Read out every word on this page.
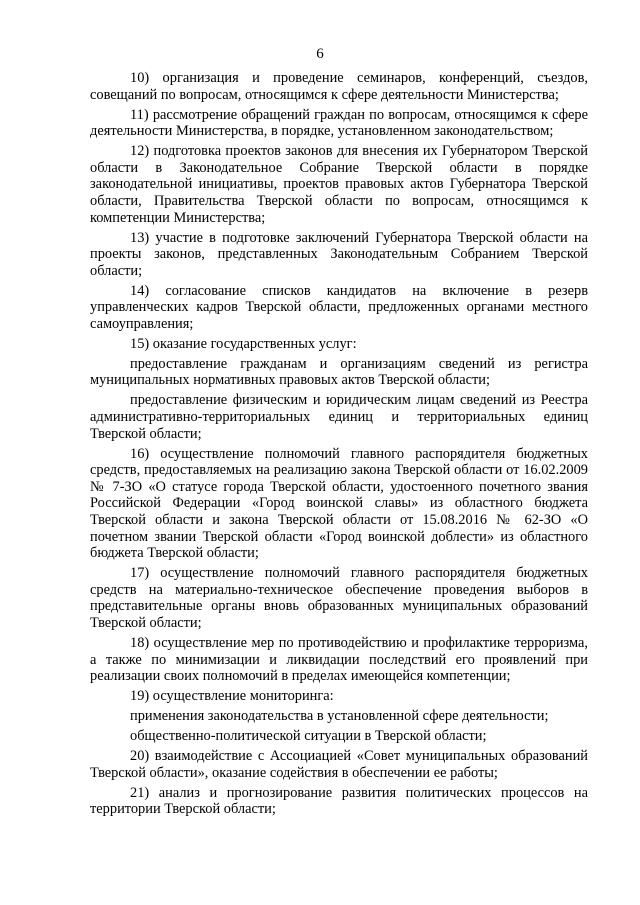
6

10) организация и проведение семинаров, конференций, съездов, совещаний по вопросам, относящимся к сфере деятельности Министерства;

11) рассмотрение обращений граждан по вопросам, относящимся к сфере деятельности Министерства, в порядке, установленном законодательством;

12) подготовка проектов законов для внесения их Губернатором Тверской области в Законодательное Собрание Тверской области в порядке законодательной инициативы, проектов правовых актов Губернатора Тверской области, Правительства Тверской области по вопросам, относящимся к компетенции Министерства;

13) участие в подготовке заключений Губернатора Тверской области на проекты законов, представленных Законодательным Собранием Тверской области;

14) согласование списков кандидатов на включение в резерв управленческих кадров Тверской области, предложенных органами местного самоуправления;

15) оказание государственных услуг:

предоставление гражданам и организациям сведений из регистра муниципальных нормативных правовых актов Тверской области;

предоставление физическим и юридическим лицам сведений из Реестра административно-территориальных единиц и территориальных единиц Тверской области;

16) осуществление полномочий главного распорядителя бюджетных средств, предоставляемых на реализацию закона Тверской области от 16.02.2009 № 7-ЗО «О статусе города Тверской области, удостоенного почетного звания Российской Федерации «Город воинской славы» из областного бюджета Тверской области и закона Тверской области от 15.08.2016 № 62-ЗО «О почетном звании Тверской области «Город воинской доблести» из областного бюджета Тверской области;

17) осуществление полномочий главного распорядителя бюджетных средств на материально-техническое обеспечение проведения выборов в представительные органы вновь образованных муниципальных образований Тверской области;

18) осуществление мер по противодействию и профилактике терроризма, а также по минимизации и ликвидации последствий его проявлений при реализации своих полномочий в пределах имеющейся компетенции;

19) осуществление мониторинга:

применения законодательства в установленной сфере деятельности;

общественно-политической ситуации в Тверской области;

20) взаимодействие с Ассоциацией «Совет муниципальных образований Тверской области», оказание содействия в обеспечении ее работы;

21) анализ и прогнозирование развития политических процессов на территории Тверской области;
